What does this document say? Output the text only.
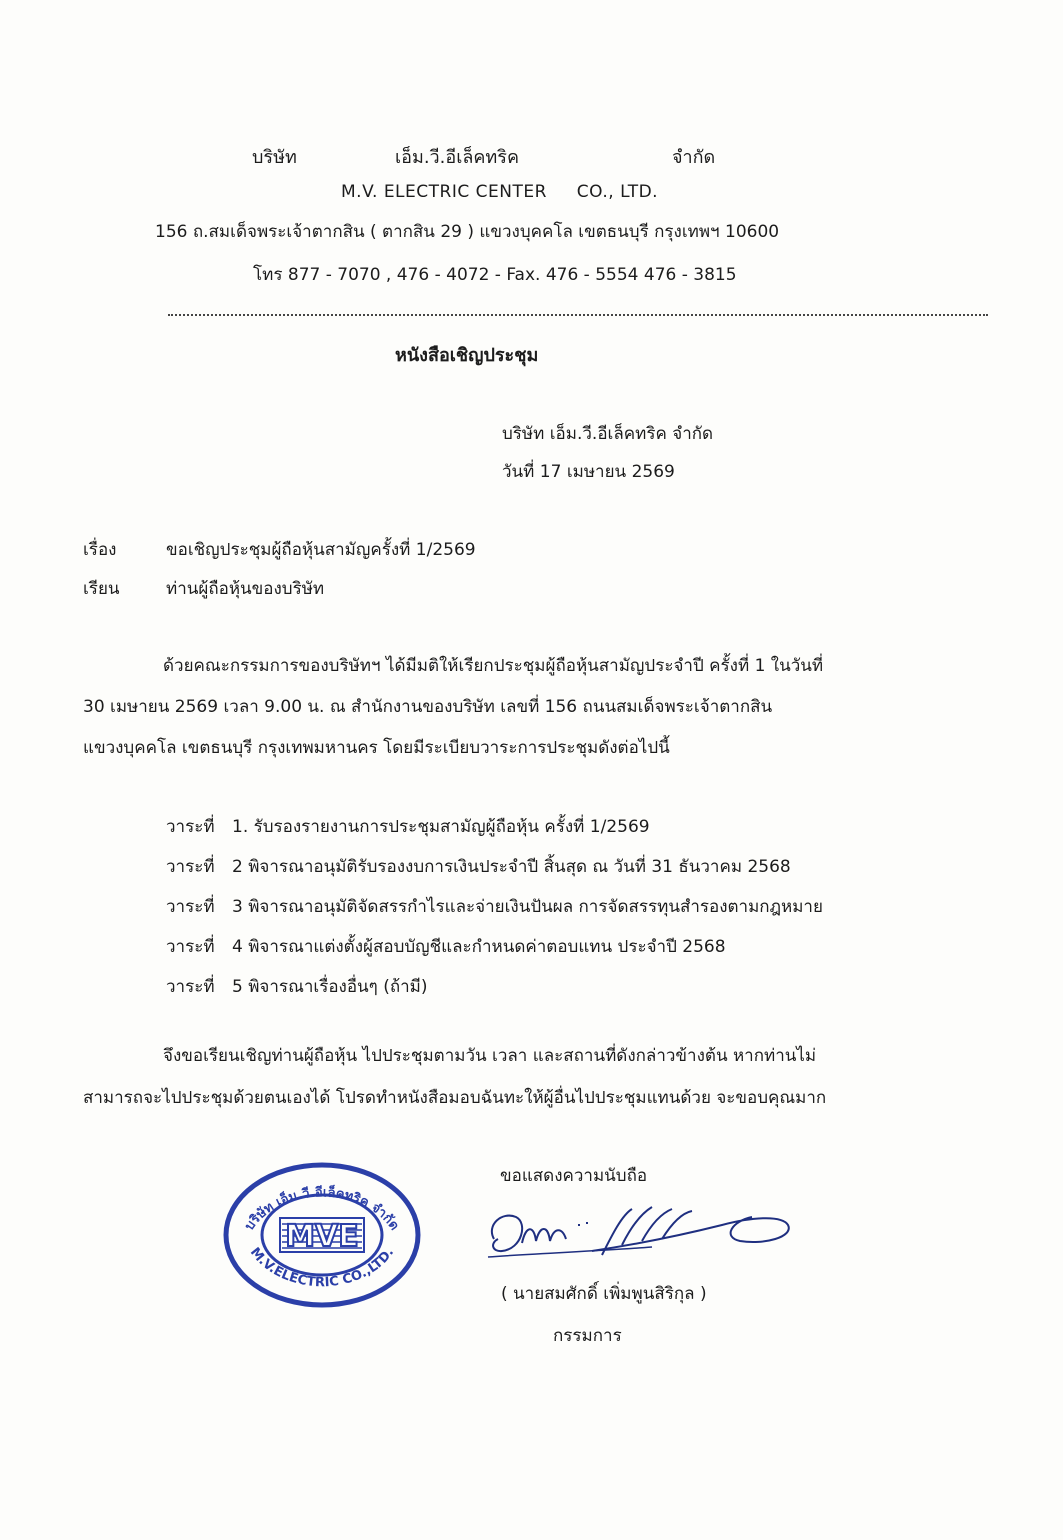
บริษัท	เอ็ม.วี.อีเล็คทริค	จำกัด
M.V. ELECTRIC CENTER CO., LTD.
156 ถ.สมเด็จพระเจ้าตากสิน ( ตากสิน 29 ) แขวงบุคคโล เขตธนบุรี กรุงเทพฯ 10600
โทร 877 - 7070 , 476 - 4072 - Fax. 476 - 5554 476 - 3815
หนังสือเชิญประชุม
บริษัท เอ็ม.วี.อีเล็คทริค จำกัด
วันที่ 17 เมษายน 2569
เรื่อง	ขอเชิญประชุมผู้ถือหุ้นสามัญครั้งที่ 1/2569
เรียน	ท่านผู้ถือหุ้นของบริษัท
ด้วยคณะกรรมการของบริษัทฯ ได้มีมติให้เรียกประชุมผู้ถือหุ้นสามัญประจำปี ครั้งที่ 1 ในวันที่
30 เมษายน 2569 เวลา 9.00 น. ณ สำนักงานของบริษัท เลขที่ 156 ถนนสมเด็จพระเจ้าตากสิน
แขวงบุคคโล เขตธนบุรี กรุงเทพมหานคร โดยมีระเบียบวาระการประชุมดังต่อไปนี้
วาระที่	1. รับรองรายงานการประชุมสามัญผู้ถือหุ้น ครั้งที่ 1/2569
วาระที่	2 พิจารณาอนุมัติรับรองงบการเงินประจำปี สิ้นสุด ณ วันที่ 31 ธันวาคม 2568
วาระที่	3 พิจารณาอนุมัติจัดสรรกำไรและจ่ายเงินปันผล การจัดสรรทุนสำรองตามกฎหมาย
วาระที่	4 พิจารณาแต่งตั้งผู้สอบบัญชีและกำหนดค่าตอบแทน ประจำปี 2568
วาระที่	5 พิจารณาเรื่องอื่นๆ (ถ้ามี)
จึงขอเรียนเชิญท่านผู้ถือหุ้น ไปประชุมตามวัน เวลา และสถานที่ดังกล่าวข้างต้น หากท่านไม่
สามารถจะไปประชุมด้วยตนเองได้ โปรดทำหนังสือมอบฉันทะให้ผู้อื่นไปประชุมแทนด้วย จะขอบคุณมาก
บริษัท เอ็ม.วี.อีเล็คทริค จำกัด
M.V.ELECTRIC CO.,LTD.
MVE
ขอแสดงความนับถือ
( นายสมศักดิ์ เพิ่มพูนสิริกุล )
กรรมการ
